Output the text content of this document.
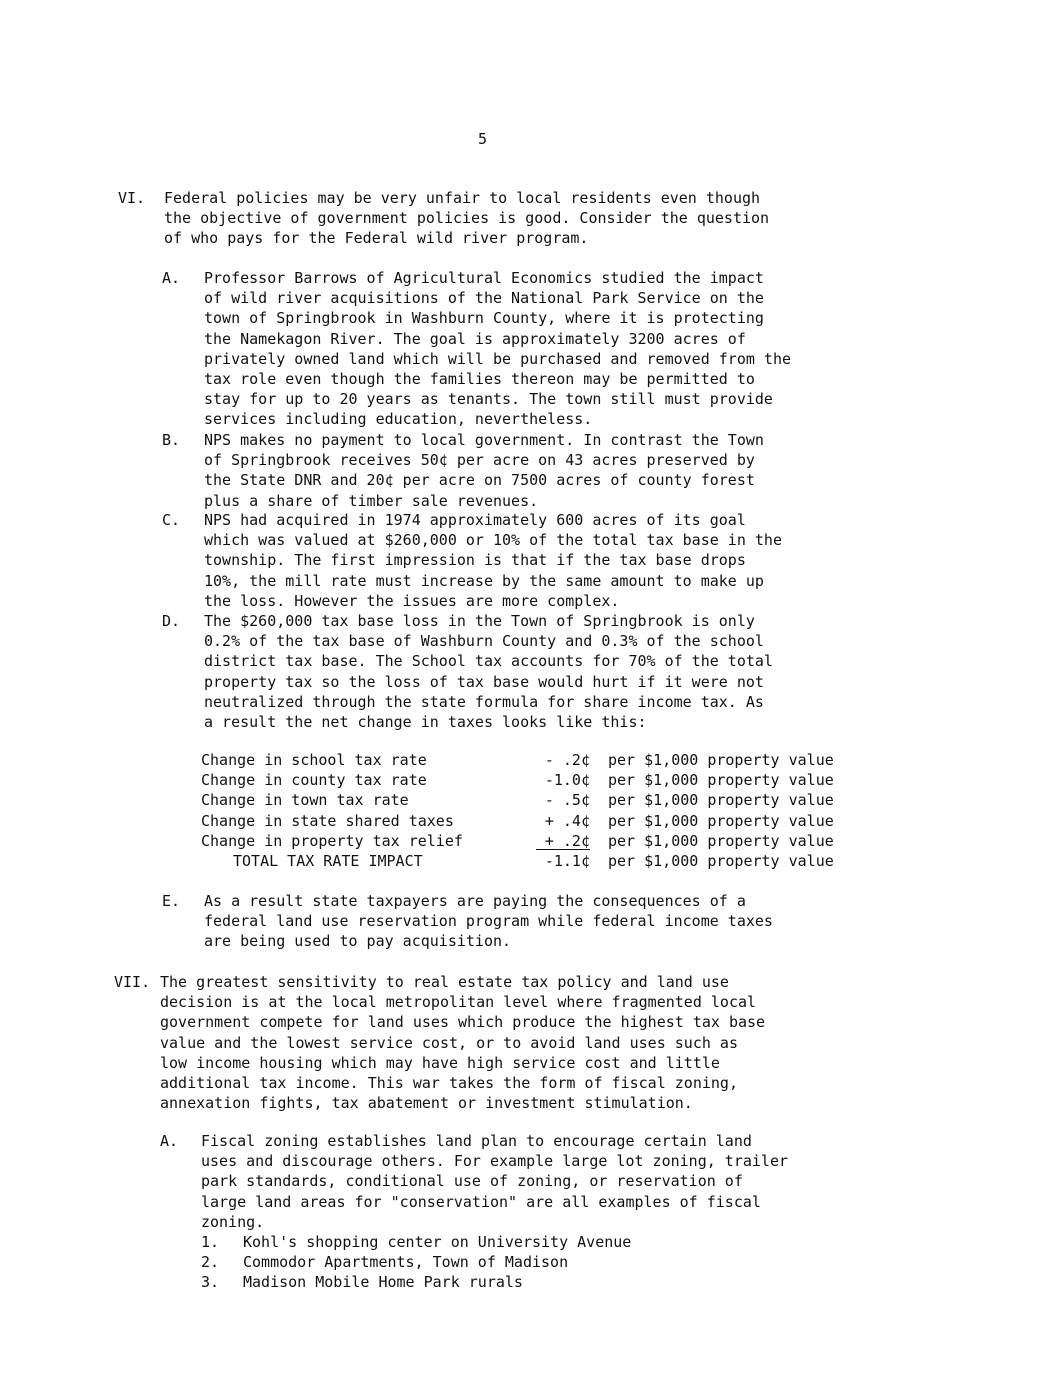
5
VI. Federal policies may be very unfair to local residents even though
the objective of government policies is good. Consider the question
of who pays for the Federal wild river program.
A. Professor Barrows of Agricultural Economics studied the impact
of wild river acquisitions of the National Park Service on the
town of Springbrook in Washburn County, where it is protecting
the Namekagon River. The goal is approximately 3200 acres of
privately owned land which will be purchased and removed from the
tax role even though the families thereon may be permitted to
stay for up to 20 years as tenants. The town still must provide
services including education, nevertheless.
B. NPS makes no payment to local government. In contrast the Town
of Springbrook receives 50¢ per acre on 43 acres preserved by
the State DNR and 20¢ per acre on 7500 acres of county forest
plus a share of timber sale revenues.
C. NPS had acquired in 1974 approximately 600 acres of its goal
which was valued at $260,000 or 10% of the total tax base in the
township. The first impression is that if the tax base drops
10%, the mill rate must increase by the same amount to make up
the loss. However the issues are more complex.
D. The $260,000 tax base loss in the Town of Springbrook is only
0.2% of the tax base of Washburn County and 0.3% of the school
district tax base. The School tax accounts for 70% of the total
property tax so the loss of tax base would hurt if it were not
neutralized through the state formula for share income tax. As
a result the net change in taxes looks like this:
Change in school tax rate	- .2¢ per $1,000 property value
Change in county tax rate	-1.0¢ per $1,000 property value
Change in town tax rate	- .5¢ per $1,000 property value
Change in state shared taxes	+ .4¢ per $1,000 property value
Change in property tax relief	+ .2¢ per $1,000 property value
TOTAL TAX RATE IMPACT	-1.1¢ per $1,000 property value
E. As a result state taxpayers are paying the consequences of a
federal land use reservation program while federal income taxes
are being used to pay acquisition.
VII. The greatest sensitivity to real estate tax policy and land use
decision is at the local metropolitan level where fragmented local
government compete for land uses which produce the highest tax base
value and the lowest service cost, or to avoid land uses such as
low income housing which may have high service cost and little
additional tax income. This war takes the form of fiscal zoning,
annexation fights, tax abatement or investment stimulation.
A. Fiscal zoning establishes land plan to encourage certain land
uses and discourage others. For example large lot zoning, trailer
park standards, conditional use of zoning, or reservation of
large land areas for "conservation" are all examples of fiscal
zoning.
1. Kohl's shopping center on University Avenue
2. Commodor Apartments, Town of Madison
3. Madison Mobile Home Park rurals
